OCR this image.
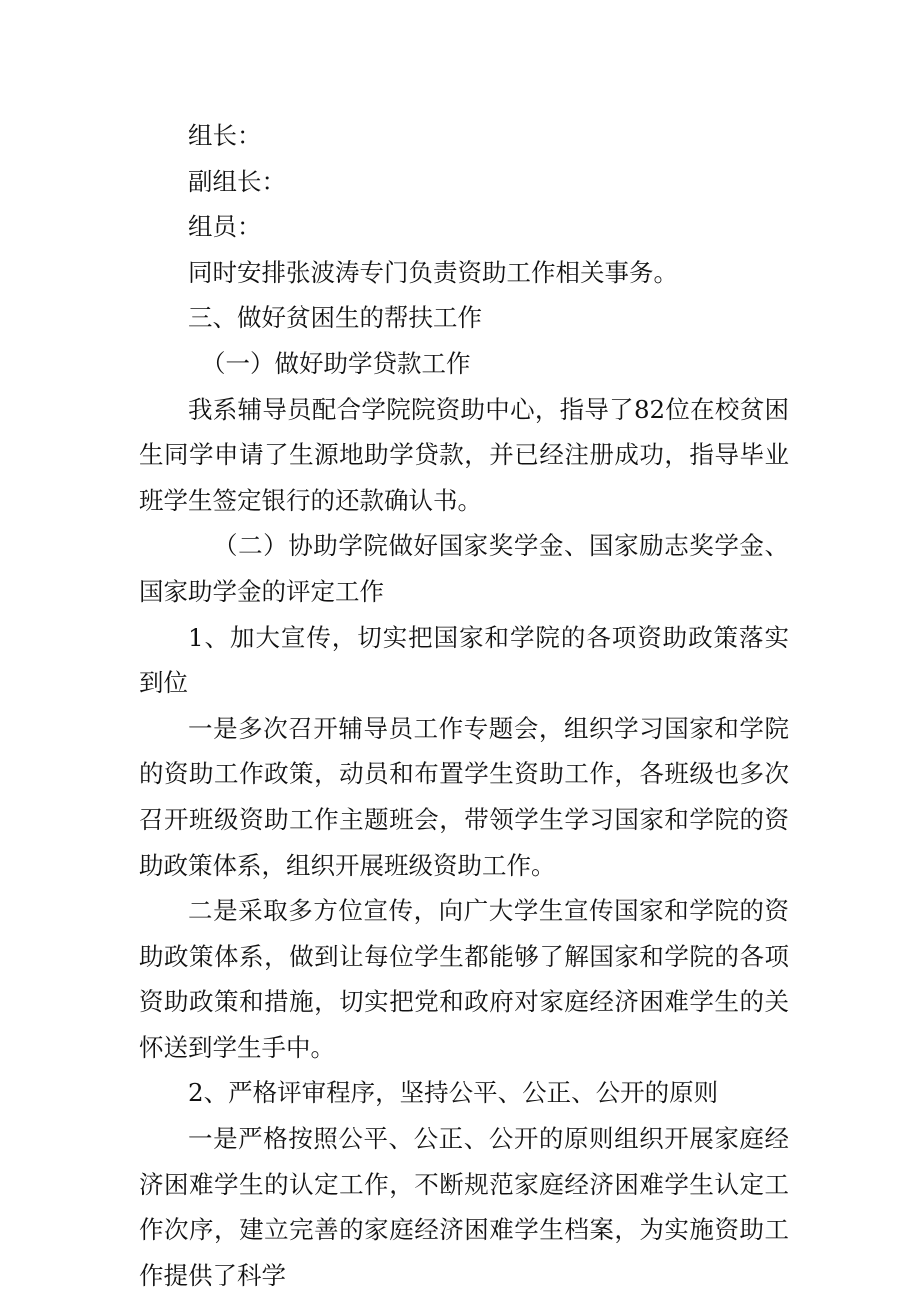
组长：

副组长：

组员：

同时安排张波涛专门负责资助工作相关事务。

三、做好贫困生的帮扶工作

（一）做好助学贷款工作

我系辅导员配合学院院资助中心，指导了82位在校贫困生同学申请了生源地助学贷款，并已经注册成功，指导毕业班学生签定银行的还款确认书。

（二）协助学院做好国家奖学金、国家励志奖学金、国家助学金的评定工作

1、加大宣传，切实把国家和学院的各项资助政策落实到位

一是多次召开辅导员工作专题会，组织学习国家和学院的资助工作政策，动员和布置学生资助工作，各班级也多次召开班级资助工作主题班会，带领学生学习国家和学院的资助政策体系，组织开展班级资助工作。

二是采取多方位宣传，向广大学生宣传国家和学院的资助政策体系，做到让每位学生都能够了解国家和学院的各项资助政策和措施，切实把党和政府对家庭经济困难学生的关怀送到学生手中。

2、严格评审程序，坚持公平、公正、公开的原则

一是严格按照公平、公正、公开的原则组织开展家庭经济困难学生的认定工作，不断规范家庭经济困难学生认定工作次序，建立完善的家庭经济困难学生档案，为实施资助工作提供了科学
